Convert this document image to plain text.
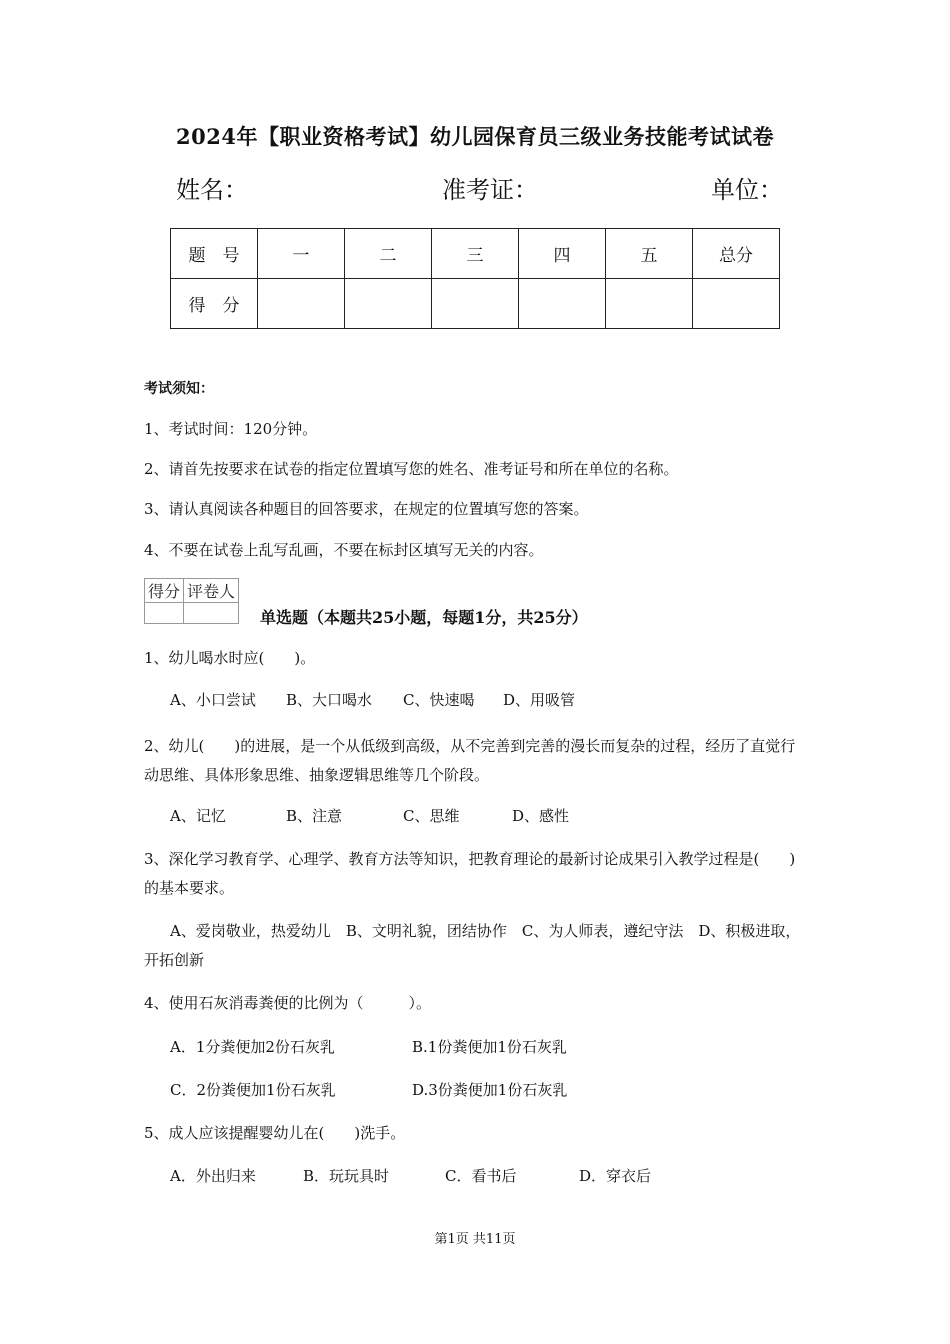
2024年【职业资格考试】幼儿园保育员三级业务技能考试试卷
姓名：	准考证：	单位：
题　号	一	二	三	四	五	总分
得　分						
考试须知：
1、考试时间：120分钟。
2、请首先按要求在试卷的指定位置填写您的姓名、准考证号和所在单位的名称。
3、请认真阅读各种题目的回答要求，在规定的位置填写您的答案。
4、不要在试卷上乱写乱画，不要在标封区填写无关的内容。
得分	评卷人

单选题（本题共25小题，每题1分，共25分）
1、幼儿喝水时应(　　)。
A、小口尝试 B、大口喝水 C、快速喝 D、用吸管
2、幼儿(　　)的进展，是一个从低级到高级，从不完善到完善的漫长而复杂的过程，经历了直觉行动思维、具体形象思维、抽象逻辑思维等几个阶段。
A、记忆	B、注意	C、思维	D、感性
3、深化学习教育学、心理学、教育方法等知识，把教育理论的最新讨论成果引入教学过程是(　　)的基本要求。
A、爱岗敬业，热爱幼儿　B、文明礼貌，团结协作　C、为人师表，遵纪守法　D、积极进取，开拓创新
4、使用石灰消毒粪便的比例为（　　　）。
A．1分粪便加2份石灰乳	B.1份粪便加1份石灰乳
C．2份粪便加1份石灰乳	D.3份粪便加1份石灰乳
5、成人应该提醒婴幼儿在(　　)洗手。
A．外出归来	B．玩玩具时	C．看书后	D．穿衣后
第1页 共11页
